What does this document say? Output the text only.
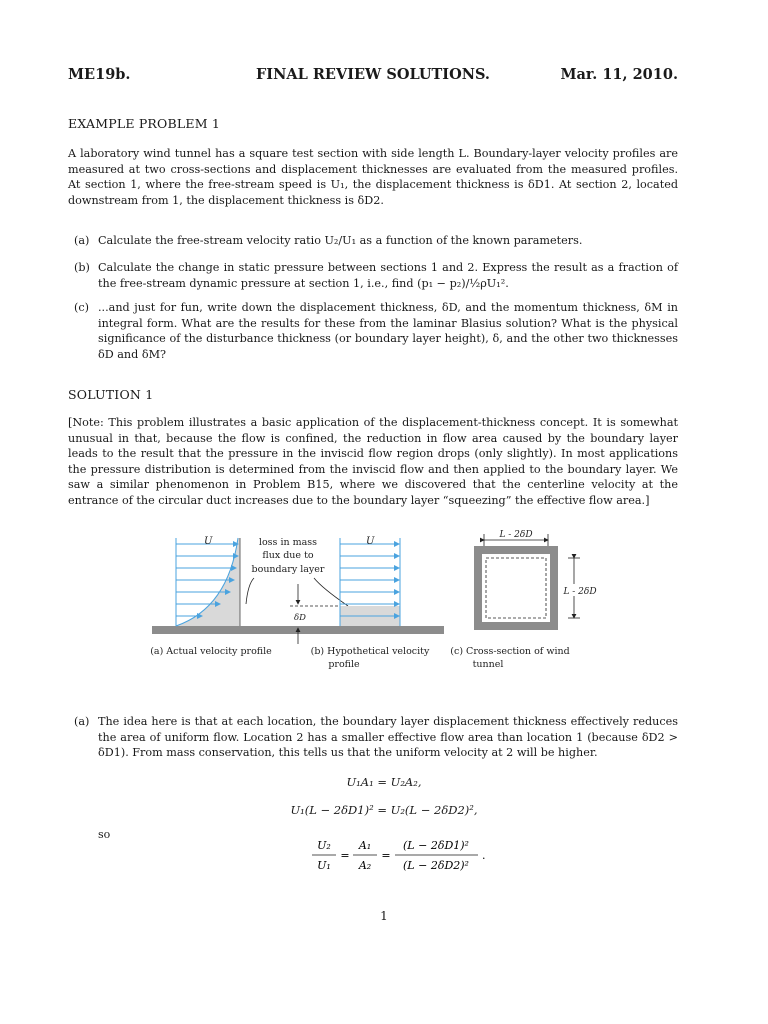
FINAL REVIEW SOLUTIONS.
ME19b.	Mar. 11, 2010.
EXAMPLE PROBLEM 1
A laboratory wind tunnel has a square test section with side length L. Boundary-layer velocity profiles are measured at two cross-sections and displacement thicknesses are evaluated from the measured profiles. At section 1, where the free-stream speed is U₁, the displacement thickness is δD1. At section 2, located downstream from 1, the displacement thickness is δD2.
(a) Calculate the free-stream velocity ratio U₂/U₁ as a function of the known parameters.
(b) Calculate the change in static pressure between sections 1 and 2. Express the result as a fraction of the free-stream dynamic pressure at section 1, i.e., find (p₁ − p₂)/½ρU₁².
(c) ...and just for fun, write down the displacement thickness, δD, and the momentum thickness, δM in integral form. What are the results for these from the laminar Blasius solution? What is the physical significance of the disturbance thickness (or boundary layer height), δ, and the other two thicknesses δD and δM?
SOLUTION 1
[Note: This problem illustrates a basic application of the displacement-thickness concept. It is somewhat unusual in that, because the flow is confined, the reduction in flow area caused by the boundary layer leads to the result that the pressure in the inviscid flow region drops (only slightly). In most applications the pressure distribution is determined from the inviscid flow and then applied to the boundary layer. We saw a similar phenomenon in Problem B15, where we discovered that the centerline velocity at the entrance of the circular duct increases due to the boundary layer “squeezing” the effective flow area.]
U	loss in mass
flux due to
boundary layer
δD
U
L - 2δD
L - 2δD
(a) Actual velocity profile	(b) Hypothetical velocity
profile
(c) Cross-section of wind
tunnel
(a) The idea here is that at each location, the boundary layer displacement thickness effectively reduces the area of uniform flow. Location 2 has a smaller effective flow area than location 1 (because δD2 > δD1). From mass conservation, this tells us that the uniform velocity at 2 will be higher.
U₁A₁ = U₂A₂,
U₁(L − 2δD1)² = U₂(L − 2δD2)²,
so
U₂
U₁
=
A₁
A₂
=
(L − 2δD1)²
(L − 2δD2)²
.
1
